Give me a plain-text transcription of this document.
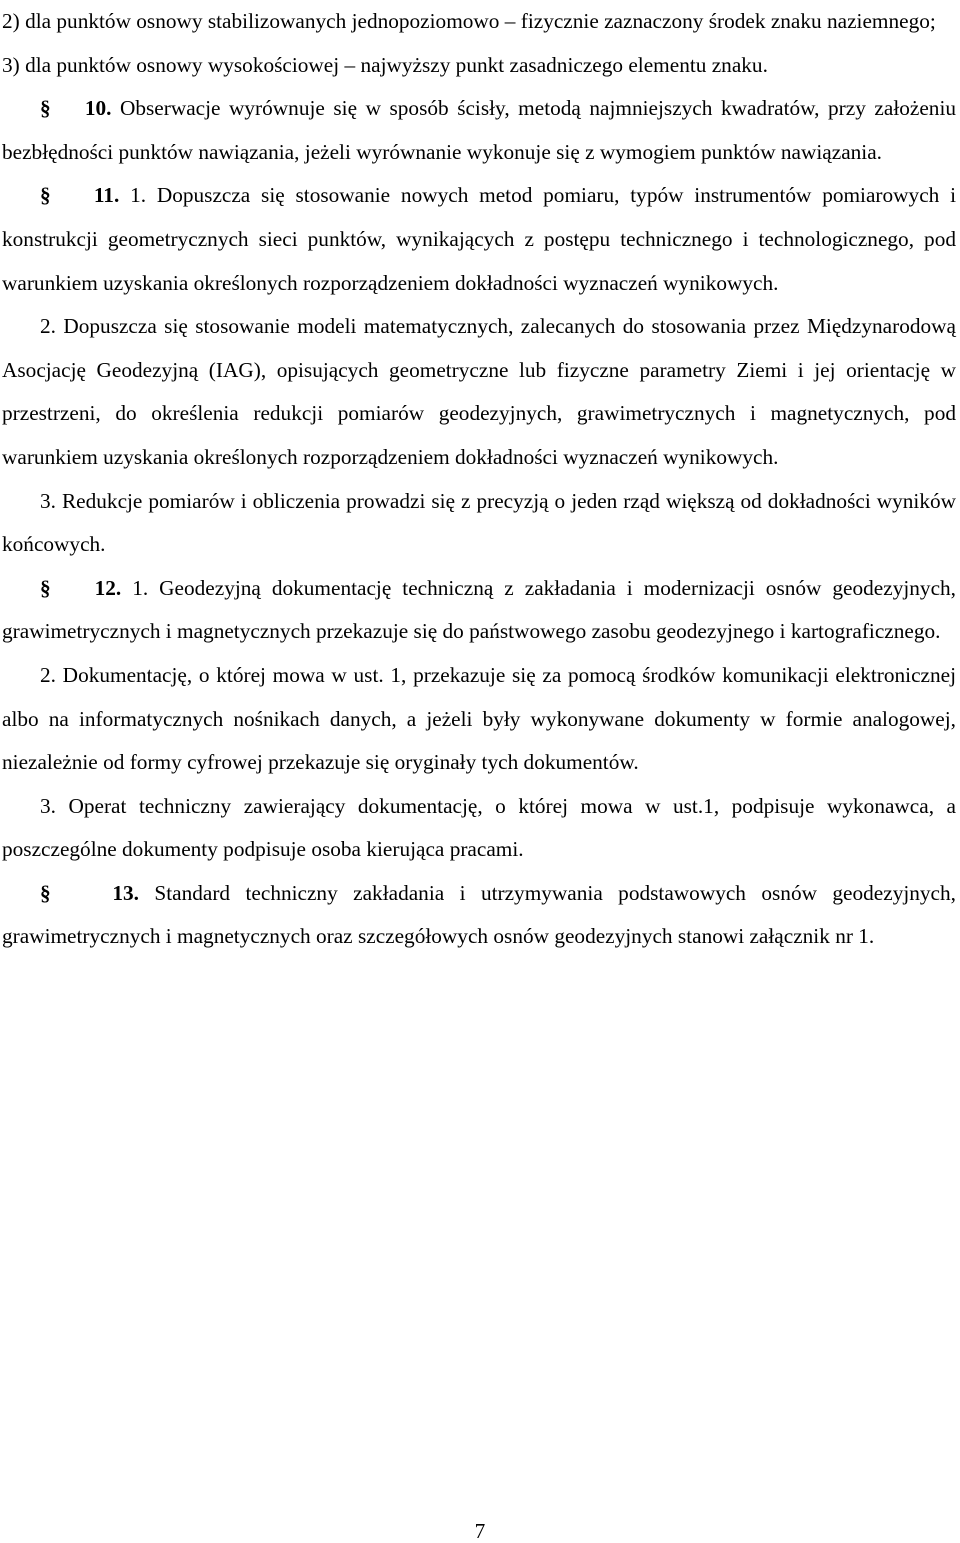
2) dla punktów osnowy stabilizowanych jednopoziomowo – fizycznie zaznaczony środek znaku naziemnego;

3) dla punktów osnowy wysokościowej – najwyższy punkt zasadniczego elementu znaku.

§ 10. Obserwacje wyrównuje się w sposób ścisły, metodą najmniejszych kwadratów, przy założeniu bezbłędności punktów nawiązania, jeżeli wyrównanie wykonuje się z wymogiem punktów nawiązania.

§ 11. 1. Dopuszcza się stosowanie nowych metod pomiaru, typów instrumentów pomiarowych i konstrukcji geometrycznych sieci punktów, wynikających z postępu technicznego i technologicznego, pod warunkiem uzyskania określonych rozporządzeniem dokładności wyznaczeń wynikowych.

2. Dopuszcza się stosowanie modeli matematycznych, zalecanych do stosowania przez Międzynarodową Asocjację Geodezyjną (IAG), opisujących geometryczne lub fizyczne parametry Ziemi i jej orientację w przestrzeni, do określenia redukcji pomiarów geodezyjnych, grawimetrycznych i magnetycznych, pod warunkiem uzyskania określonych rozporządzeniem dokładności wyznaczeń wynikowych.

3. Redukcje pomiarów i obliczenia prowadzi się z precyzją o jeden rząd większą od dokładności wyników końcowych.

§ 12. 1. Geodezyjną dokumentację techniczną z zakładania i modernizacji osnów geodezyjnych, grawimetrycznych i magnetycznych przekazuje się do państwowego zasobu geodezyjnego i kartograficznego.

2. Dokumentację, o której mowa w ust. 1, przekazuje się za pomocą środków komunikacji elektronicznej albo na informatycznych nośnikach danych, a jeżeli były wykonywane dokumenty w formie analogowej, niezależnie od formy cyfrowej przekazuje się oryginały tych dokumentów.

3. Operat techniczny zawierający dokumentację, o której mowa w ust.1, podpisuje wykonawca, a poszczególne dokumenty podpisuje osoba kierująca pracami.

§	13. Standard techniczny zakładania i utrzymywania podstawowych osnów geodezyjnych, grawimetrycznych i magnetycznych oraz szczegółowych osnów geodezyjnych stanowi załącznik nr 1.

7
